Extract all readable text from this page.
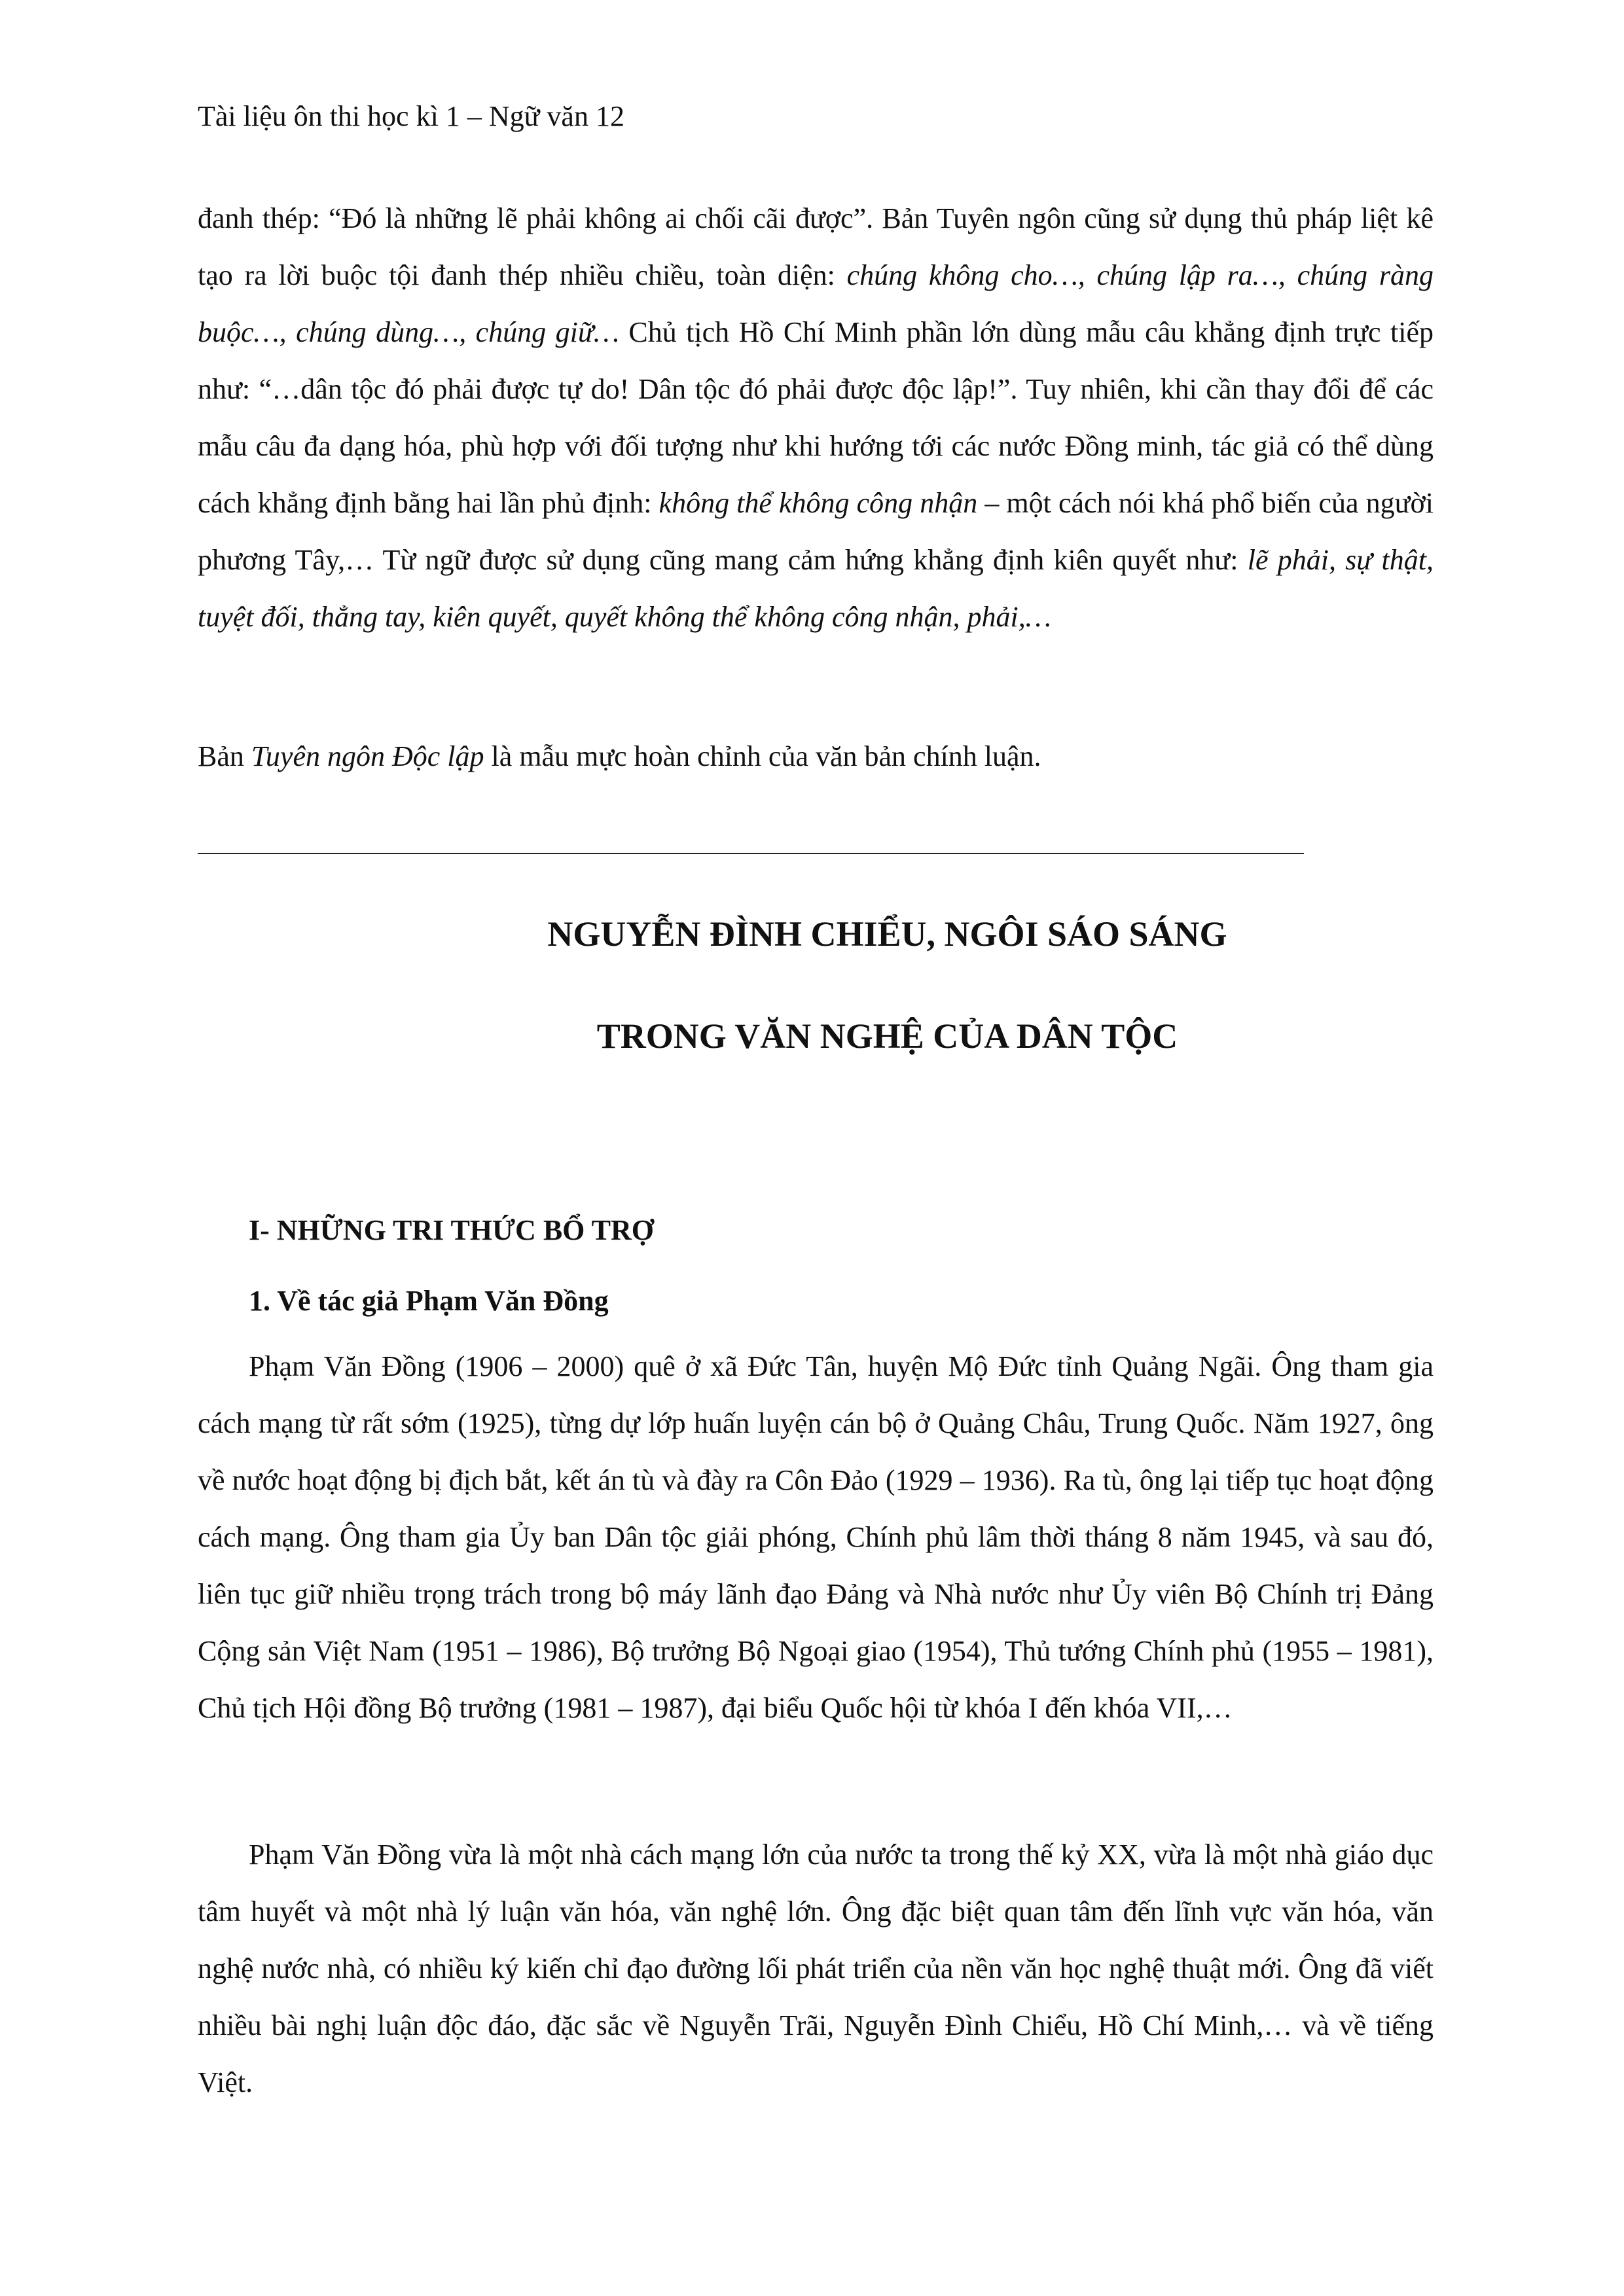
Tài liệu ôn thi học kì 1 – Ngữ văn 12

đanh thép: “Đó là những lẽ phải không ai chối cãi được”. Bản Tuyên ngôn cũng sử dụng thủ pháp liệt kê tạo ra lời buộc tội đanh thép nhiều chiều, toàn diện: chúng không cho…, chúng lập ra…, chúng ràng buộc…, chúng dùng…, chúng giữ… Chủ tịch Hồ Chí Minh phần lớn dùng mẫu câu khẳng định trực tiếp như: “…dân tộc đó phải được tự do! Dân tộc đó phải được độc lập!”. Tuy nhiên, khi cần thay đổi để các mẫu câu đa dạng hóa, phù hợp với đối tượng như khi hướng tới các nước Đồng minh, tác giả có thể dùng cách khẳng định bằng hai lần phủ định: không thể không công nhận – một cách nói khá phổ biến của người phương Tây,… Từ ngữ được sử dụng cũng mang cảm hứng khẳng định kiên quyết như: lẽ phải, sự thật, tuyệt đối, thẳng tay, kiên quyết, quyết không thể không công nhận, phải,…

Bản Tuyên ngôn Độc lập là mẫu mực hoàn chỉnh của văn bản chính luận.

NGUYỄN ĐÌNH CHIỂU, NGÔI SÁO SÁNG
TRONG VĂN NGHỆ CỦA DÂN TỘC
I- NHỮNG TRI THỨC BỔ TRỢ
1. Về tác giả Phạm Văn Đồng

Phạm Văn Đồng (1906 – 2000) quê ở xã Đức Tân, huyện Mộ Đức tỉnh Quảng Ngãi. Ông tham gia cách mạng từ rất sớm (1925), từng dự lớp huấn luyện cán bộ ở Quảng Châu, Trung Quốc. Năm 1927, ông về nước hoạt động bị địch bắt, kết án tù và đày ra Côn Đảo (1929 – 1936). Ra tù, ông lại tiếp tục hoạt động cách mạng. Ông tham gia Ủy ban Dân tộc giải phóng, Chính phủ lâm thời tháng 8 năm 1945, và sau đó, liên tục giữ nhiều trọng trách trong bộ máy lãnh đạo Đảng và Nhà nước như Ủy viên Bộ Chính trị Đảng Cộng sản Việt Nam (1951 – 1986), Bộ trưởng Bộ Ngoại giao (1954), Thủ tướng Chính phủ (1955 – 1981), Chủ tịch Hội đồng Bộ trưởng (1981 – 1987), đại biểu Quốc hội từ khóa I đến khóa VII,…

Phạm Văn Đồng vừa là một nhà cách mạng lớn của nước ta trong thế kỷ XX, vừa là một nhà giáo dục tâm huyết và một nhà lý luận văn hóa, văn nghệ lớn. Ông đặc biệt quan tâm đến lĩnh vực văn hóa, văn nghệ nước nhà, có nhiều ký kiến chỉ đạo đường lối phát triển của nền văn học nghệ thuật mới. Ông đã viết nhiều bài nghị luận độc đáo, đặc sắc về Nguyễn Trãi, Nguyễn Đình Chiểu, Hồ Chí Minh,… và về tiếng Việt.
